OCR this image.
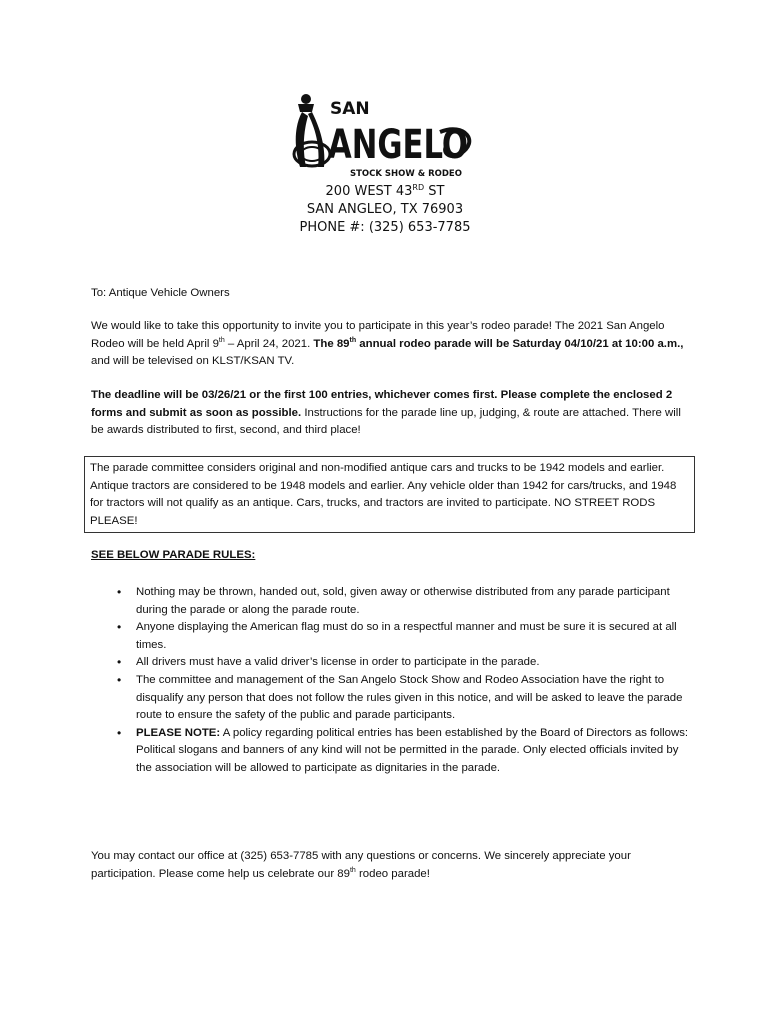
SAN
ANGELO
STOCK SHOW & RODEO
200 WEST 43RD ST
SAN ANGLEO, TX 76903
PHONE #: (325) 653-7785

To: Antique Vehicle Owners

We would like to take this opportunity to invite you to participate in this year’s rodeo parade! The 2021 San Angelo Rodeo will be held April 9th – April 24, 2021. The 89th annual rodeo parade will be Saturday 04/10/21 at 10:00 a.m., and will be televised on KLST/KSAN TV.

The deadline will be 03/26/21 or the first 100 entries, whichever comes first. Please complete the enclosed 2 forms and submit as soon as possible. Instructions for the parade line up, judging, & route are attached. There will be awards distributed to first, second, and third place!

The parade committee considers original and non-modified antique cars and trucks to be 1942 models and earlier. Antique tractors are considered to be 1948 models and earlier. Any vehicle older than 1942 for cars/trucks, and 1948 for tractors will not qualify as an antique. Cars, trucks, and tractors are invited to participate. NO STREET RODS PLEASE!
SEE BELOW PARADE RULES:
• Nothing may be thrown, handed out, sold, given away or otherwise distributed from any parade participant during the parade or along the parade route.
• Anyone displaying the American flag must do so in a respectful manner and must be sure it is secured at all times.
• All drivers must have a valid driver’s license in order to participate in the parade.
• The committee and management of the San Angelo Stock Show and Rodeo Association have the right to disqualify any person that does not follow the rules given in this notice, and will be asked to leave the parade route to ensure the safety of the public and parade participants.
• PLEASE NOTE: A policy regarding political entries has been established by the Board of Directors as follows: Political slogans and banners of any kind will not be permitted in the parade. Only elected officials invited by the association will be allowed to participate as dignitaries in the parade.

You may contact our office at (325) 653-7785 with any questions or concerns. We sincerely appreciate your participation. Please come help us celebrate our 89th rodeo parade!
